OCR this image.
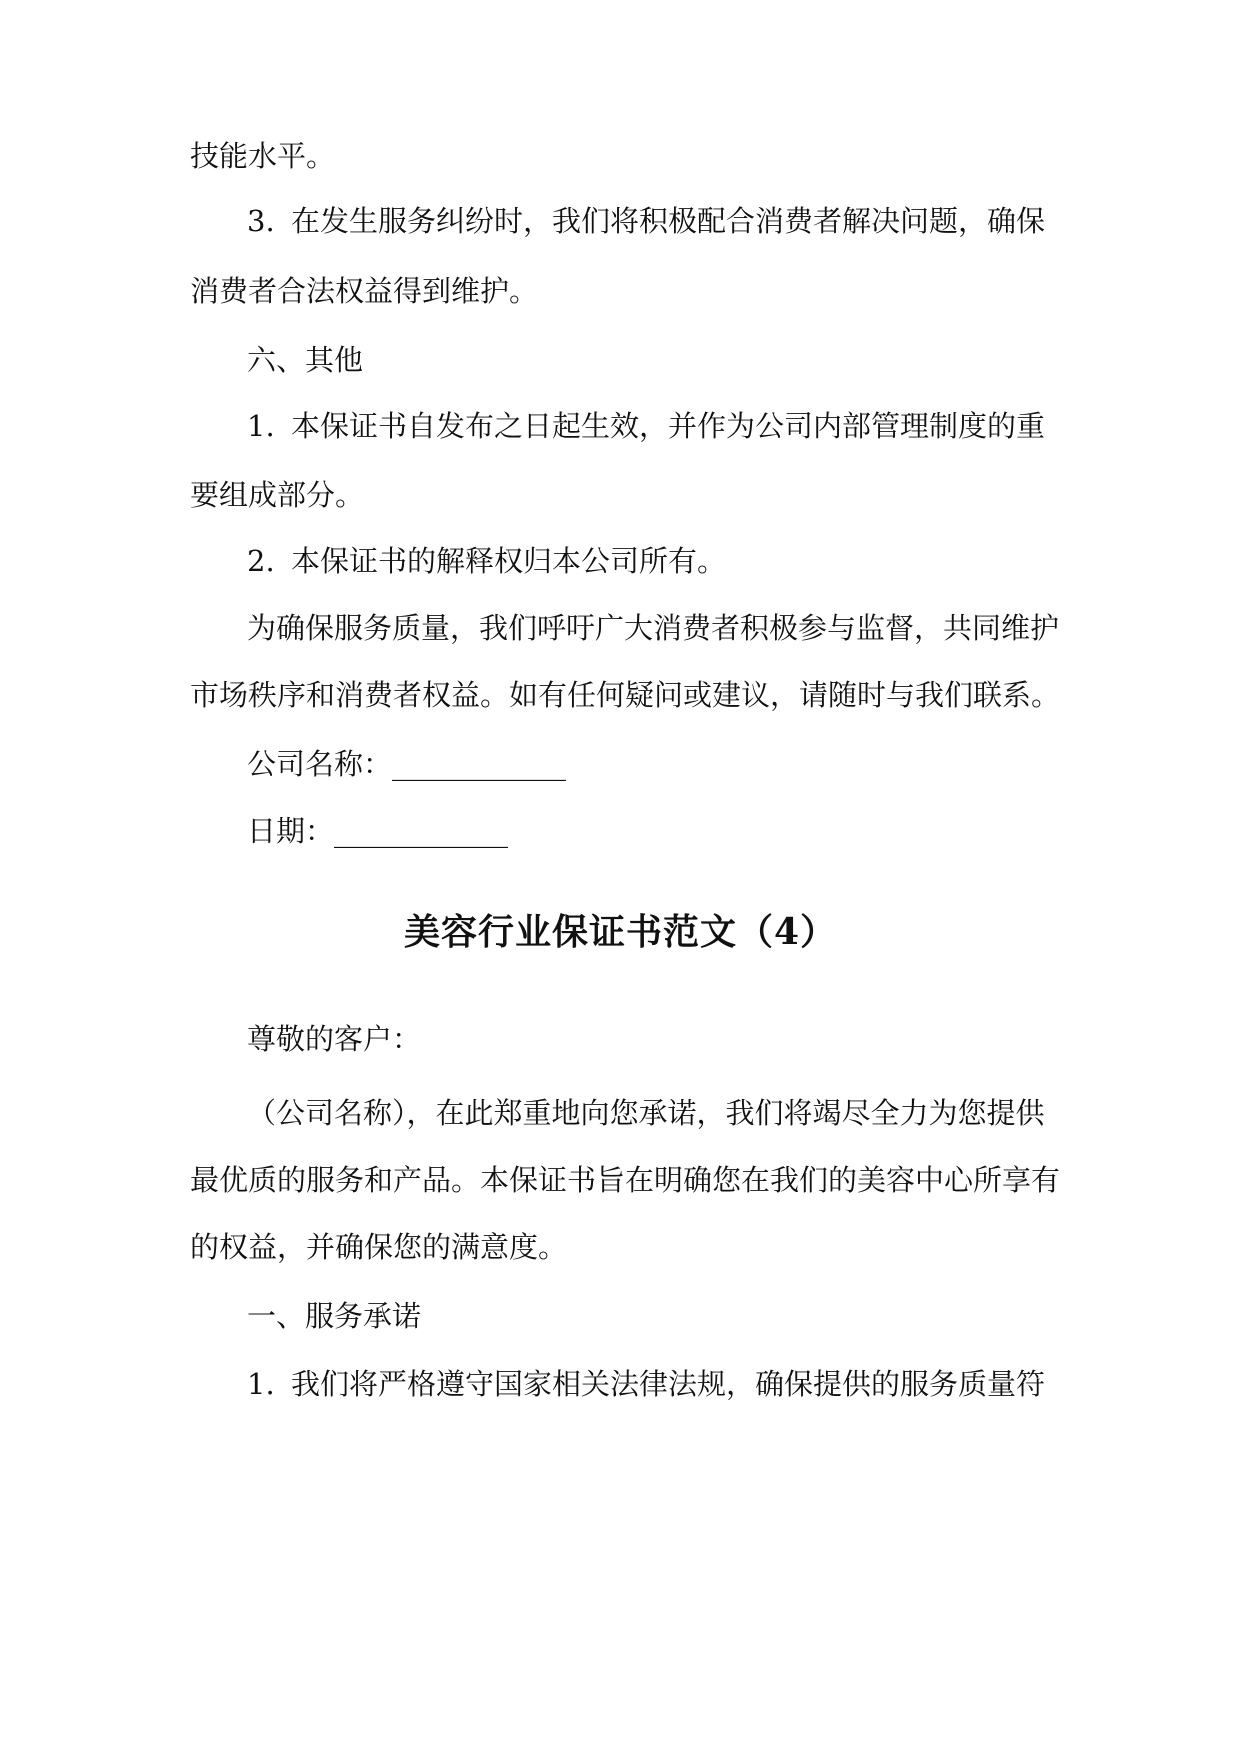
技能水平。
3. 在发生服务纠纷时，我们将积极配合消费者解决问题，确保
消费者合法权益得到维护。
六、其他
1. 本保证书自发布之日起生效，并作为公司内部管理制度的重
要组成部分。
2. 本保证书的解释权归本公司所有。
为确保服务质量，我们呼吁广大消费者积极参与监督，共同维护
市场秩序和消费者权益。如有任何疑问或建议，请随时与我们联系。
公司名称：____________
日期：____________
美容行业保证书范文（4）
尊敬的客户：
（公司名称），在此郑重地向您承诺，我们将竭尽全力为您提供
最优质的服务和产品。本保证书旨在明确您在我们的美容中心所享有
的权益，并确保您的满意度。
一、服务承诺
1. 我们将严格遵守国家相关法律法规，确保提供的服务质量符
